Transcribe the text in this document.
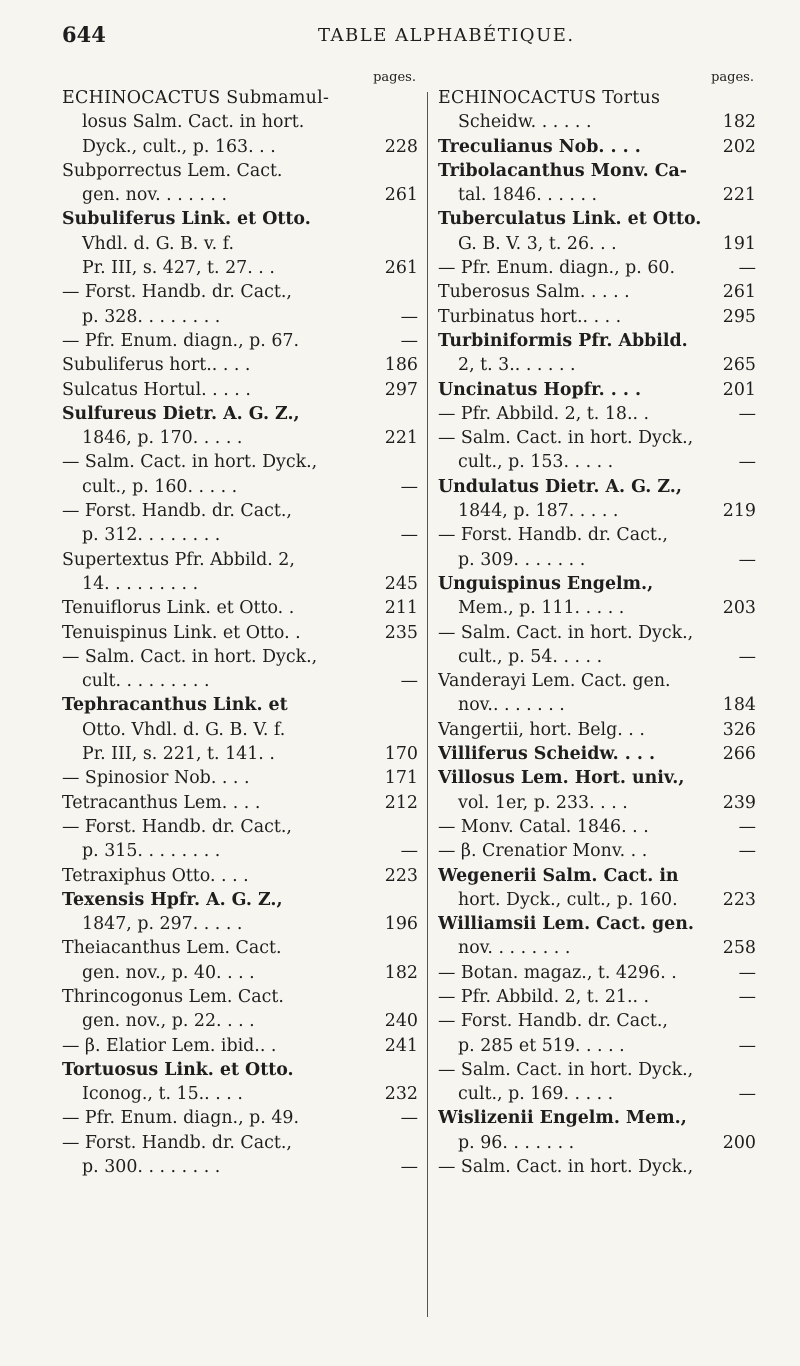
644	TABLE ALPHABÉTIQUE.
pages.
ECHINOCACTUS Submamul-
losus Salm. Cact. in hort.
Dyck., cult., p. 163. . .	228
Subporrectus Lem. Cact.
gen. nov. . . . . . .	261
Subuliferus Link. et Otto.
Vhdl. d. G. B. v. f.
Pr. III, s. 427, t. 27. . .	261
— Forst. Handb. dr. Cact.,
p. 328. . . . . . . .	—
— Pfr. Enum. diagn., p. 67.	—
Subuliferus hort.. . . .	186
Sulcatus Hortul. . . . .	297
Sulfureus Dietr. A. G. Z.,
1846, p. 170. . . . .	221
— Salm. Cact. in hort. Dyck.,
cult., p. 160. . . . .	—
— Forst. Handb. dr. Cact.,
p. 312. . . . . . . .	—
Supertextus Pfr. Abbild. 2,
14. . . . . . . . .	245
Tenuiflorus Link. et Otto. .	211
Tenuispinus Link. et Otto. .	235
— Salm. Cact. in hort. Dyck.,
cult. . . . . . . . .	—
Tephracanthus Link. et
Otto. Vhdl. d. G. B. V. f.
Pr. III, s. 221, t. 141. .	170
— Spinosior Nob. . . .	171
Tetracanthus Lem. . . .	212
— Forst. Handb. dr. Cact.,
p. 315. . . . . . . .	—
Tetraxiphus Otto. . . .	223
Texensis Hpfr. A. G. Z.,
1847, p. 297. . . . .	196
Theiacanthus Lem. Cact.
gen. nov., p. 40. . . .	182
Thrincogonus Lem. Cact.
gen. nov., p. 22. . . .	240
— β. Elatior Lem. ibid.. .	241
Tortuosus Link. et Otto.
Iconog., t. 15.. . . .	232
— Pfr. Enum. diagn., p. 49.	—
— Forst. Handb. dr. Cact.,
p. 300. . . . . . . .	—
pages.
ECHINOCACTUS Tortus
Scheidw. . . . . .	182
Treculianus Nob. . . .	202
Tribolacanthus Monv. Ca-
tal. 1846. . . . . .	221
Tuberculatus Link. et Otto.
G. B. V. 3, t. 26. . .	191
— Pfr. Enum. diagn., p. 60.	—
Tuberosus Salm. . . . .	261
Turbinatus hort.. . . .	295
Turbiniformis Pfr. Abbild.
2, t. 3.. . . . . .	265
Uncinatus Hopfr. . . .	201
— Pfr. Abbild. 2, t. 18.. .	—
— Salm. Cact. in hort. Dyck.,
cult., p. 153. . . . .	—
Undulatus Dietr. A. G. Z.,
1844, p. 187. . . . .	219
— Forst. Handb. dr. Cact.,
p. 309. . . . . . .	—
Unguispinus Engelm.,
Mem., p. 111. . . . .	203
— Salm. Cact. in hort. Dyck.,
cult., p. 54. . . . .	—
Vanderayi Lem. Cact. gen.
nov.. . . . . . .	184
Vangertii, hort. Belg. . .	326
Villiferus Scheidw. . . .	266
Villosus Lem. Hort. univ.,
vol. 1er, p. 233. . . .	239
— Monv. Catal. 1846. . .	—
— β. Crenatior Monv. . .	—
Wegenerii Salm. Cact. in
hort. Dyck., cult., p. 160.	223
Williamsii Lem. Cact. gen.
nov. . . . . . . .	258
— Botan. magaz., t. 4296. .	—
— Pfr. Abbild. 2, t. 21.. .	—
— Forst. Handb. dr. Cact.,
p. 285 et 519. . . . .	—
— Salm. Cact. in hort. Dyck.,
cult., p. 169. . . . .	—
Wislizenii Engelm. Mem.,
p. 96. . . . . . .	200
— Salm. Cact. in hort. Dyck.,
